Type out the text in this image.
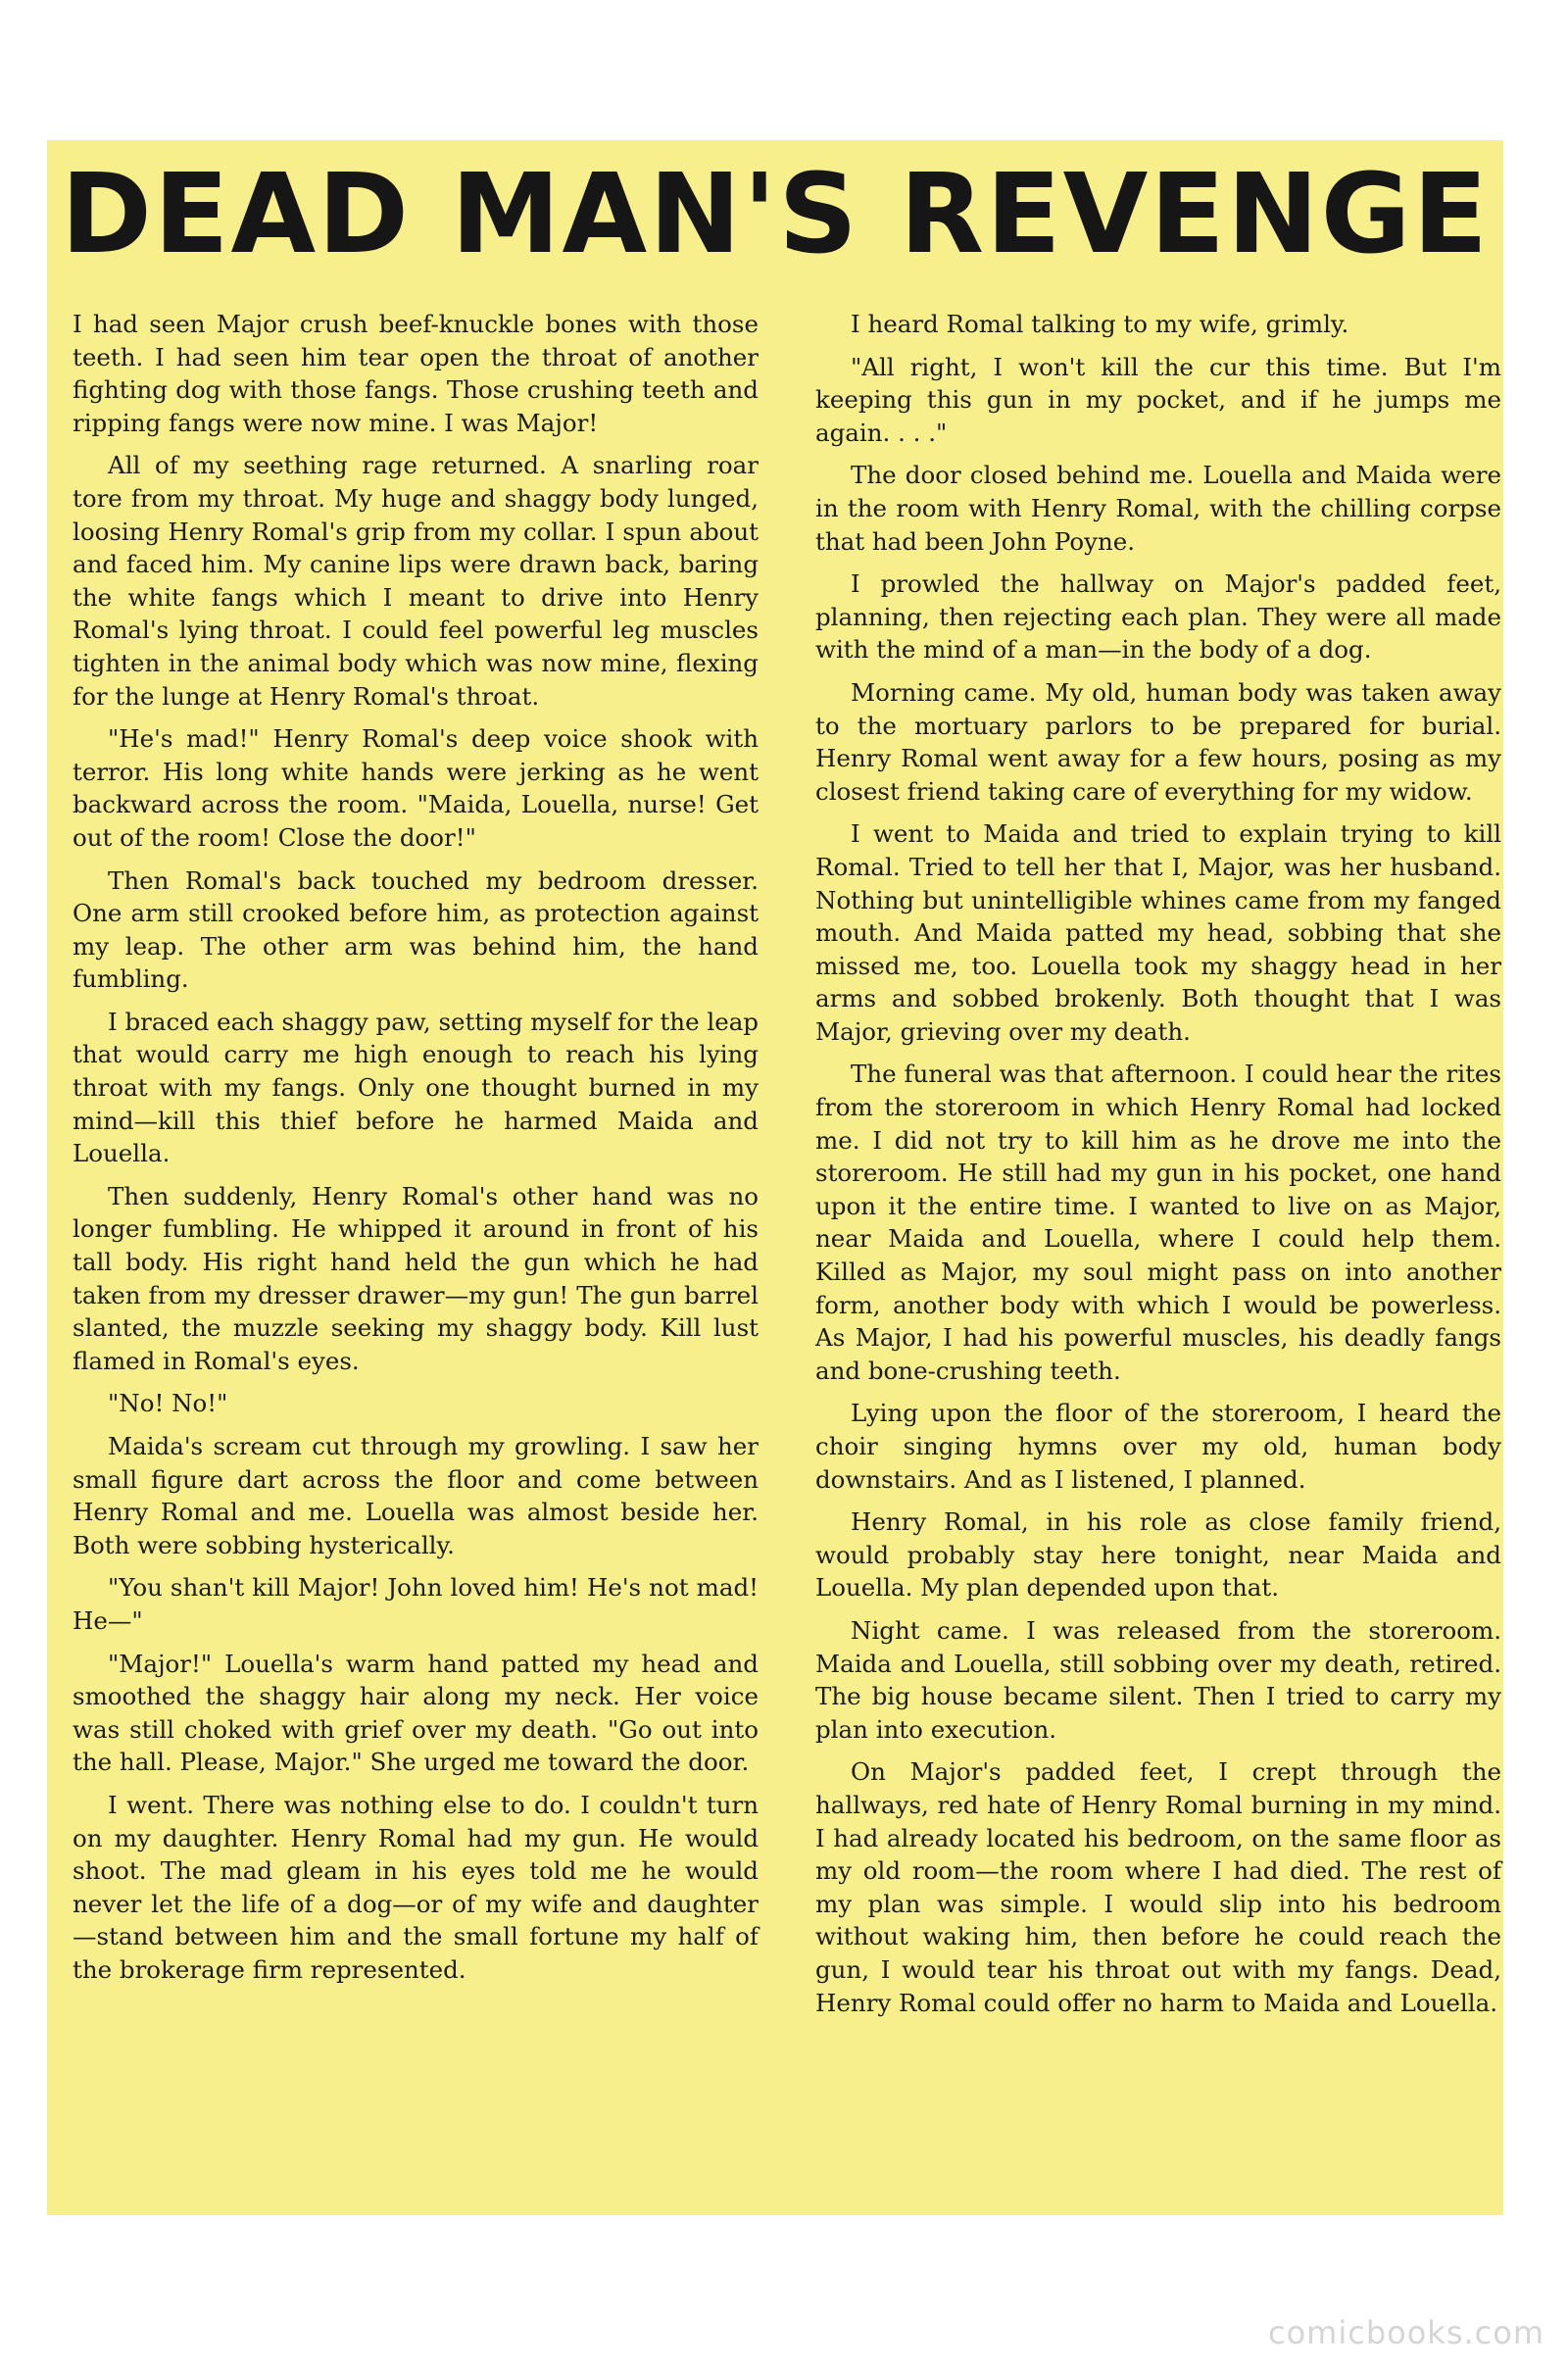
DEAD MAN'S REVENGE

I had seen Major crush beef-knuckle bones with those teeth. I had seen him tear open the throat of another fighting dog with those fangs. Those crushing teeth and ripping fangs were now mine. I was Major!

All of my seething rage returned. A snarling roar tore from my throat. My huge and shaggy body lunged, loosing Henry Romal's grip from my collar. I spun about and faced him. My canine lips were drawn back, baring the white fangs which I meant to drive into Henry Romal's lying throat. I could feel powerful leg muscles tighten in the animal body which was now mine, flexing for the lunge at Henry Romal's throat.

"He's mad!" Henry Romal's deep voice shook with terror. His long white hands were jerking as he went backward across the room. "Maida, Louella, nurse! Get out of the room! Close the door!"

Then Romal's back touched my bedroom dresser. One arm still crooked before him, as protection against my leap. The other arm was behind him, the hand fumbling.

I braced each shaggy paw, setting myself for the leap that would carry me high enough to reach his lying throat with my fangs. Only one thought burned in my mind—kill this thief before he harmed Maida and Louella.

Then suddenly, Henry Romal's other hand was no longer fumbling. He whipped it around in front of his tall body. His right hand held the gun which he had taken from my dresser drawer—my gun! The gun barrel slanted, the muzzle seeking my shaggy body. Kill lust flamed in Romal's eyes.

"No! No!"

Maida's scream cut through my growling. I saw her small figure dart across the floor and come between Henry Romal and me. Louella was almost beside her. Both were sobbing hysterically.

"You shan't kill Major! John loved him! He's not mad! He—"

"Major!" Louella's warm hand patted my head and smoothed the shaggy hair along my neck. Her voice was still choked with grief over my death. "Go out into the hall. Please, Major." She urged me toward the door.

I went. There was nothing else to do. I couldn't turn on my daughter. Henry Romal had my gun. He would shoot. The mad gleam in his eyes told me he would never let the life of a dog—or of my wife and daughter—stand between him and the small fortune my half of the brokerage firm represented.

I heard Romal talking to my wife, grimly.

"All right, I won't kill the cur this time. But I'm keeping this gun in my pocket, and if he jumps me again. . . ."

The door closed behind me. Louella and Maida were in the room with Henry Romal, with the chilling corpse that had been John Poyne.

I prowled the hallway on Major's padded feet, planning, then rejecting each plan. They were all made with the mind of a man—in the body of a dog.

Morning came. My old, human body was taken away to the mortuary parlors to be prepared for burial. Henry Romal went away for a few hours, posing as my closest friend taking care of everything for my widow.

I went to Maida and tried to explain trying to kill Romal. Tried to tell her that I, Major, was her husband. Nothing but unintelligible whines came from my fanged mouth. And Maida patted my head, sobbing that she missed me, too. Louella took my shaggy head in her arms and sobbed brokenly. Both thought that I was Major, grieving over my death.

The funeral was that afternoon. I could hear the rites from the storeroom in which Henry Romal had locked me. I did not try to kill him as he drove me into the storeroom. He still had my gun in his pocket, one hand upon it the entire time. I wanted to live on as Major, near Maida and Louella, where I could help them. Killed as Major, my soul might pass on into another form, another body with which I would be powerless. As Major, I had his powerful muscles, his deadly fangs and bone-crushing teeth.

Lying upon the floor of the storeroom, I heard the choir singing hymns over my old, human body downstairs. And as I listened, I planned.

Henry Romal, in his role as close family friend, would probably stay here tonight, near Maida and Louella. My plan depended upon that.

Night came. I was released from the storeroom. Maida and Louella, still sobbing over my death, retired. The big house became silent. Then I tried to carry my plan into execution.

On Major's padded feet, I crept through the hallways, red hate of Henry Romal burning in my mind. I had already located his bedroom, on the same floor as my old room—the room where I had died. The rest of my plan was simple. I would slip into his bedroom without waking him, then before he could reach the gun, I would tear his throat out with my fangs. Dead, Henry Romal could offer no harm to Maida and Louella.

comicbooks.com
